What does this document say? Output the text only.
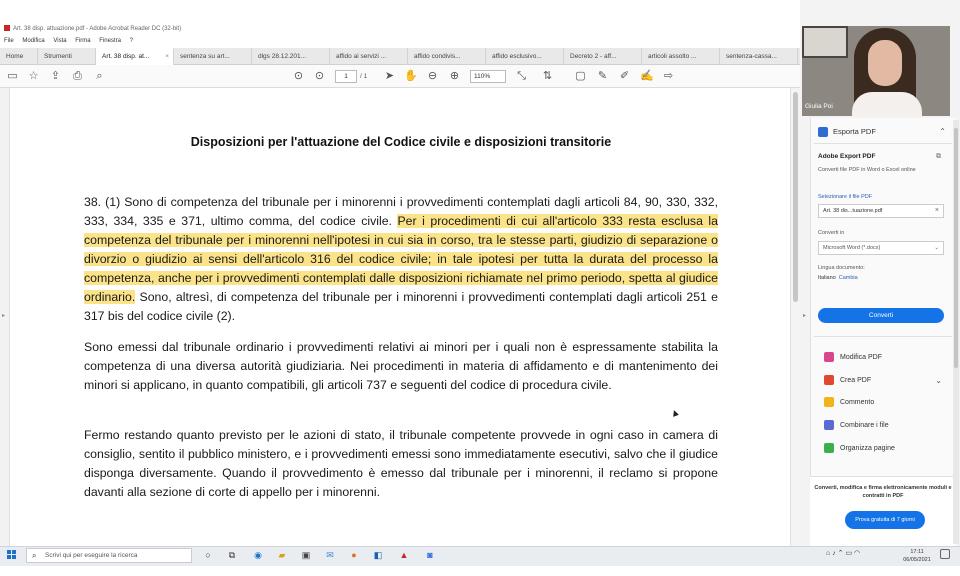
Art. 38 disp. attuazione.pdf - Adobe Acrobat Reader DC (32-bit)
File Modifica Vista Firma Finestra ?
Home	Strumenti	Art. 38 disp. at... ×	sentenza su art...	dlgs 28.12.201...	affido ai servizi ...	affido condivis...	affido esclusivo...	Decreto 2 - aff...	articoli assolto ...	sentenza-cassa...
▭ ☆ ⇪ ⎙	⌕	⊙ ⊙	1	/ 1 ➤ ✋ ⊖ ⊕	110%	⤡ ⇅ ▢ ✎ ✐ ✍ ⇨
▸
Disposizioni per l'attuazione del Codice civile e disposizioni transitorie
38. (1) Sono di competenza del tribunale per i minorenni i provvedimenti contemplati dagli articoli 84, 90, 330, 332, 333, 334, 335 e 371, ultimo comma, del codice civile. Per i procedimenti di cui all'articolo 333 resta esclusa la competenza del tribunale per i minorenni nell'ipotesi in cui sia in corso, tra le stesse parti, giudizio di separazione o divorzio o giudizio ai sensi dell'articolo 316 del codice civile; in tale ipotesi per tutta la durata del processo la competenza, anche per i provvedimenti contemplati dalle disposizioni richiamate nel primo periodo, spetta al giudice ordinario. Sono, altresì, di competenza del tribunale per i minorenni i provvedimenti contemplati dagli articoli 251 e 317 bis del codice civile (2).
Sono emessi dal tribunale ordinario i provvedimenti relativi ai minori per i quali non è espressamente stabilita la competenza di una diversa autorità giudiziaria. Nei procedimenti in materia di affidamento e di mantenimento dei minori si applicano, in quanto compatibili, gli articoli 737 e seguenti del codice di procedura civile.
Fermo restando quanto previsto per le azioni di stato, il tribunale competente provvede in ogni caso in camera di consiglio, sentito il pubblico ministero, e i provvedimenti emessi sono immediatamente esecutivi, salvo che il giudice disponga diversamente. Quando il provvedimento è emesso dal tribunale per i minorenni, il reclamo si propone davanti alla sezione di corte di appello per i minorenni.
▸
Giulia Poi
Esporta PDF	⌃
Adobe Export PDF	⧉
Converti file PDF in Word o Excel online
Selezionare il file PDF
Art. 38 dis...tuazione.pdf	×
Converti in
Microsoft Word (*.docx)	⌄
Lingua documento:
Italiano Cambia
Converti
Modifica PDF
Crea PDF	⌄
Commento
Combinare i file
Organizza pagine
Converti, modifica e firma elettronicamente moduli e contratti in PDF
Prova gratuita di 7 giorni
⌕ Scrivi qui per eseguire la ricerca	○	⧉	◉ ▰ ▣ ✉	●	◧ ▲	◙	⌂ ♪ ⌃ ▭ ◠	17:11
06/05/2021
